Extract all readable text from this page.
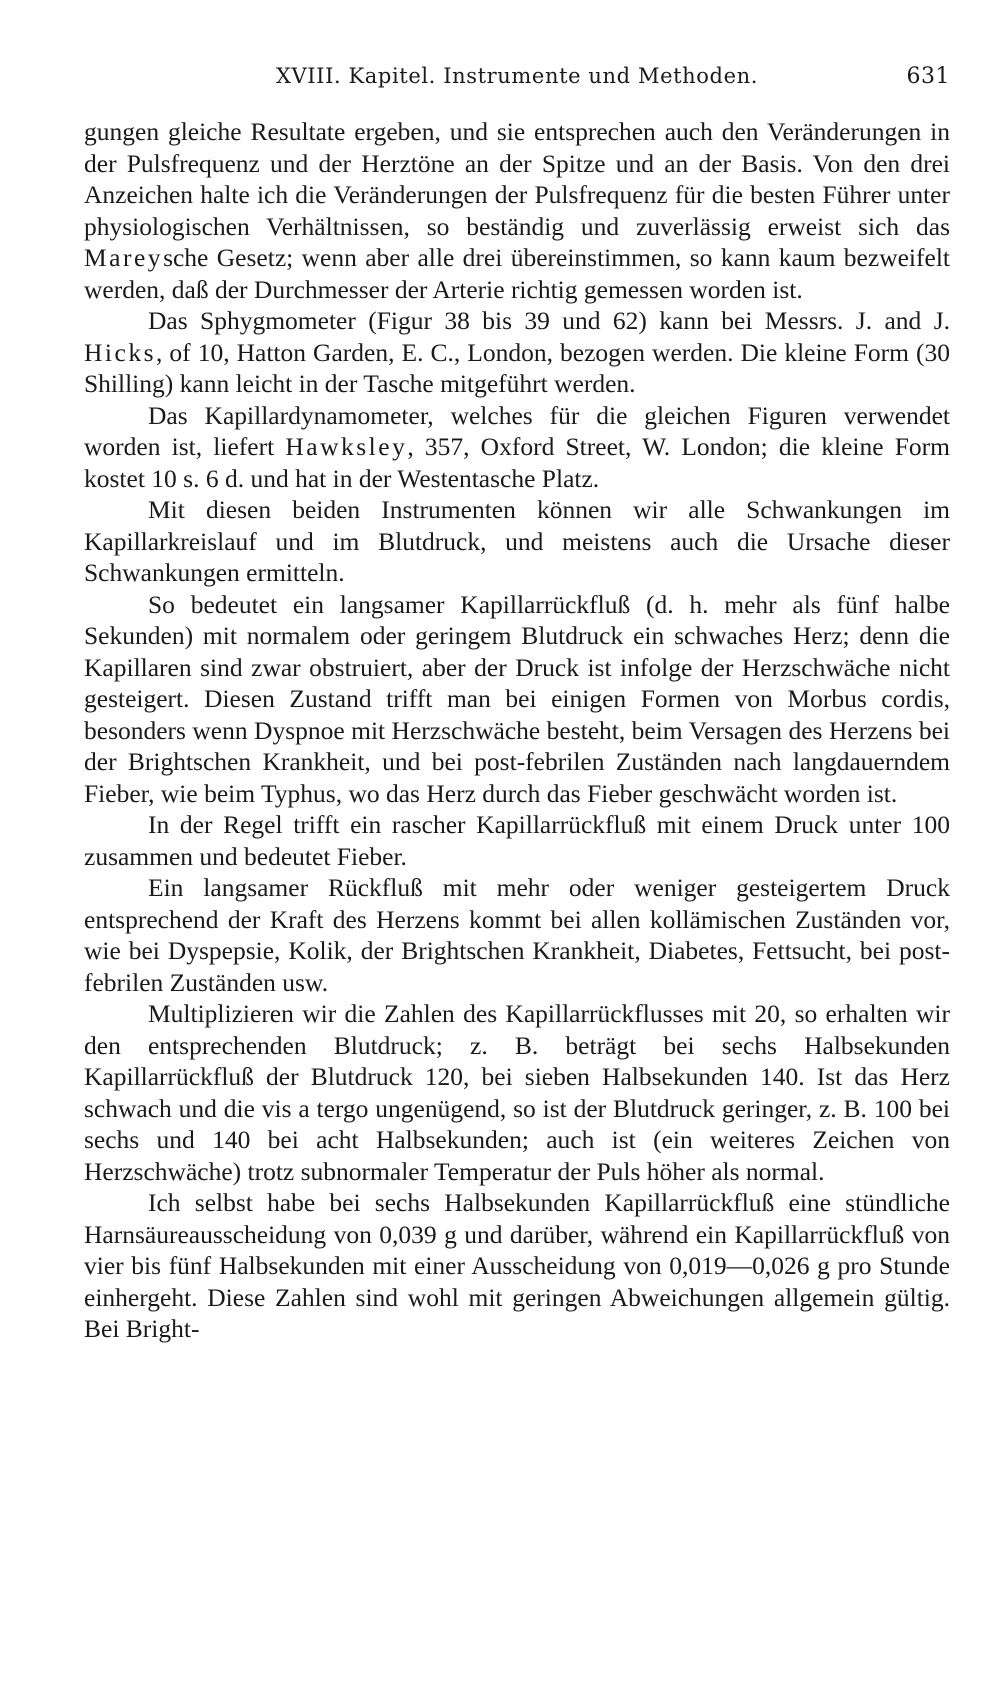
XVIII. Kapitel. Instrumente und Methoden.	631

gungen gleiche Resultate ergeben, und sie entsprechen auch den Veränderungen in der Pulsfrequenz und der Herztöne an der Spitze und an der Basis. Von den drei Anzeichen halte ich die Veränderungen der Pulsfrequenz für die besten Führer unter physiologischen Verhältnissen, so beständig und zuverlässig erweist sich das Mareysche Gesetz; wenn aber alle drei übereinstimmen, so kann kaum bezweifelt werden, daß der Durchmesser der Arterie richtig gemessen worden ist.

Das Sphygmometer (Figur 38 bis 39 und 62) kann bei Messrs. J. and J. Hicks, of 10, Hatton Garden, E. C., London, bezogen werden. Die kleine Form (30 Shilling) kann leicht in der Tasche mitgeführt werden.

Das Kapillardynamometer, welches für die gleichen Figuren verwendet worden ist, liefert Hawksley, 357, Oxford Street, W. London; die kleine Form kostet 10 s. 6 d. und hat in der Westentasche Platz.

Mit diesen beiden Instrumenten können wir alle Schwankungen im Kapillarkreislauf und im Blutdruck, und meistens auch die Ursache dieser Schwankungen ermitteln.

So bedeutet ein langsamer Kapillarrückfluß (d. h. mehr als fünf halbe Sekunden) mit normalem oder geringem Blutdruck ein schwaches Herz; denn die Kapillaren sind zwar obstruiert, aber der Druck ist infolge der Herzschwäche nicht gesteigert. Diesen Zustand trifft man bei einigen Formen von Morbus cordis, besonders wenn Dyspnoe mit Herzschwäche besteht, beim Versagen des Herzens bei der Brightschen Krankheit, und bei post-febrilen Zuständen nach langdauerndem Fieber, wie beim Typhus, wo das Herz durch das Fieber geschwächt worden ist.

In der Regel trifft ein rascher Kapillarrückfluß mit einem Druck unter 100 zusammen und bedeutet Fieber.

Ein langsamer Rückfluß mit mehr oder weniger gesteigertem Druck entsprechend der Kraft des Herzens kommt bei allen kollämischen Zuständen vor, wie bei Dyspepsie, Kolik, der Brightschen Krankheit, Diabetes, Fettsucht, bei post-febrilen Zuständen usw.

Multiplizieren wir die Zahlen des Kapillarrückflusses mit 20, so erhalten wir den entsprechenden Blutdruck; z. B. beträgt bei sechs Halbsekunden Kapillarrückfluß der Blutdruck 120, bei sieben Halbsekunden 140. Ist das Herz schwach und die vis a tergo ungenügend, so ist der Blutdruck geringer, z. B. 100 bei sechs und 140 bei acht Halbsekunden; auch ist (ein weiteres Zeichen von Herzschwäche) trotz subnormaler Temperatur der Puls höher als normal.

Ich selbst habe bei sechs Halbsekunden Kapillarrückfluß eine stündliche Harnsäureausscheidung von 0,039 g und darüber, während ein Kapillarrückfluß von vier bis fünf Halbsekunden mit einer Ausscheidung von 0,019—0,026 g pro Stunde einhergeht. Diese Zahlen sind wohl mit geringen Abweichungen allgemein gültig. Bei Bright-
